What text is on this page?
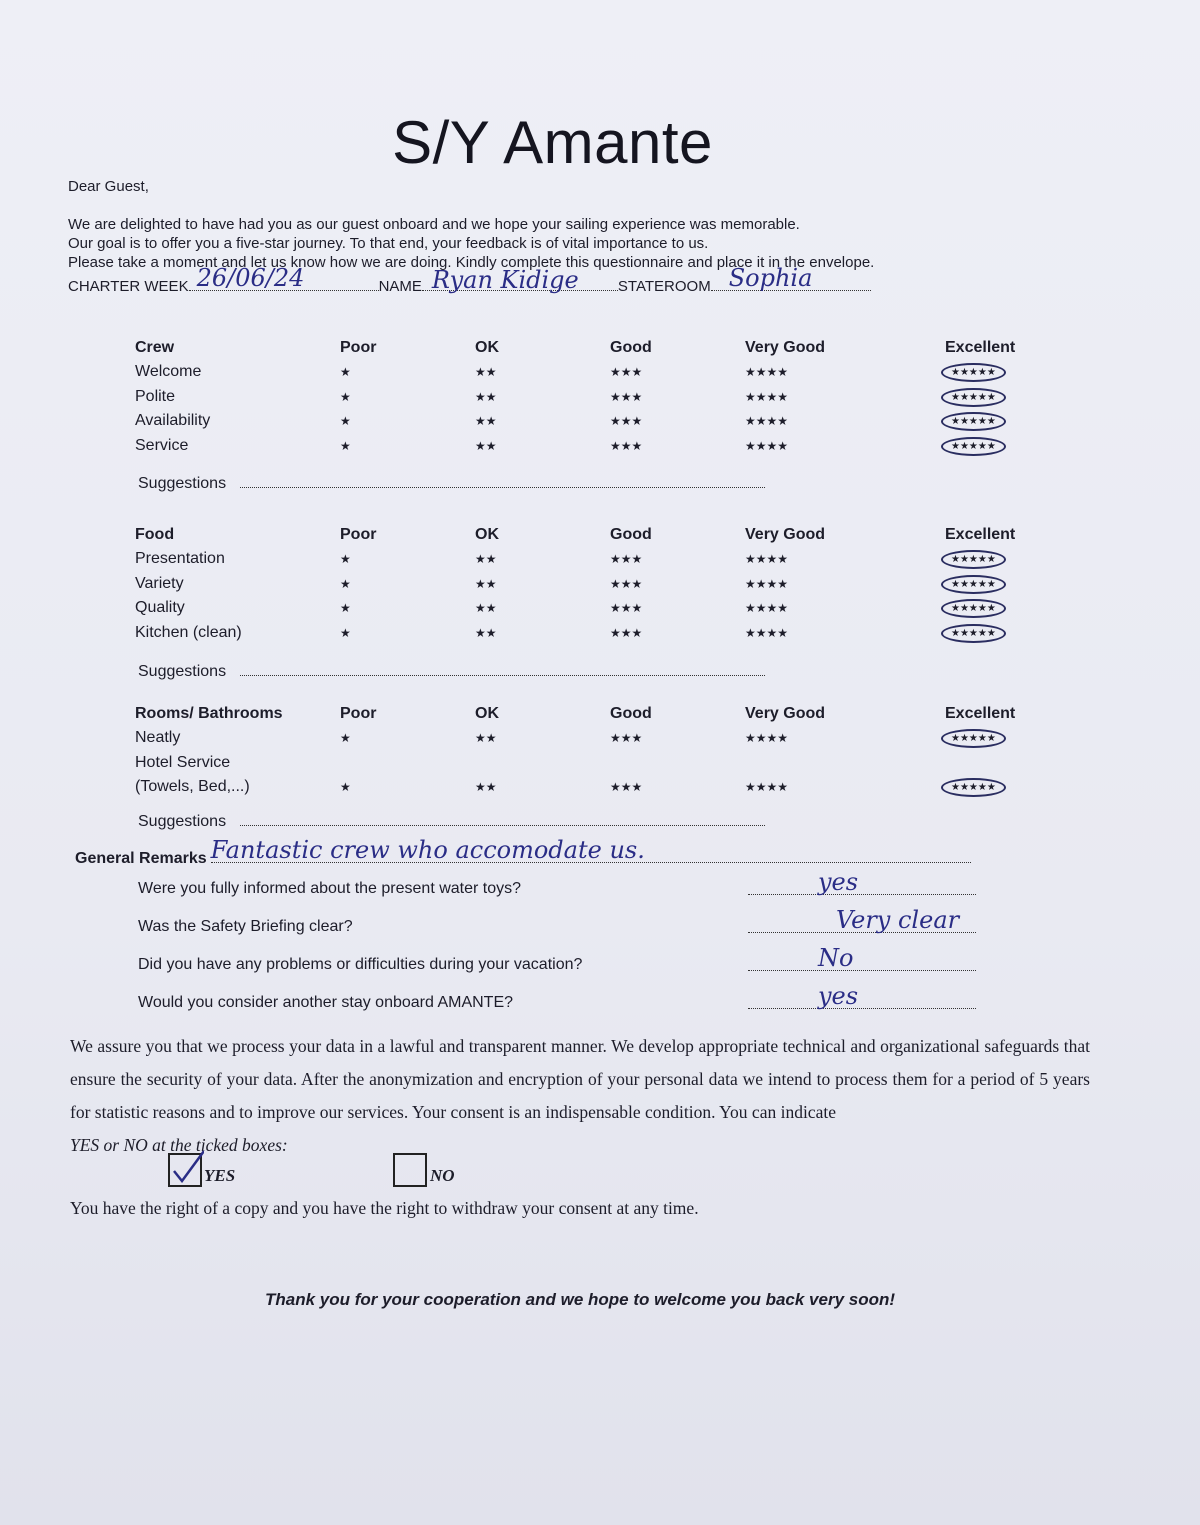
S/Y Amante
Dear Guest,
We are delighted to have had you as our guest onboard and we hope your sailing experience was memorable.
Our goal is to offer you a five-star journey. To that end, your feedback is of vital importance to us.
Please take a moment and let us know how we are doing. Kindly complete this questionnaire and place it in the envelope.
CHARTER WEEK 26/06/24	NAME Ryan Kidige	STATEROOM Sophia
Crew	Poor	OK	Good	Very Good	Excellent
Welcome	★	★★	★★★	★★★★	★★★★★
Polite	★	★★	★★★	★★★★	★★★★★
Availability	★	★★	★★★	★★★★	★★★★★
Service	★	★★	★★★	★★★★	★★★★★
Suggestions
Food	Poor	OK	Good	Very Good	Excellent
Presentation	★	★★	★★★	★★★★	★★★★★
Variety	★	★★	★★★	★★★★	★★★★★
Quality	★	★★	★★★	★★★★	★★★★★
Kitchen (clean)	★	★★	★★★	★★★★	★★★★★
Suggestions
Rooms/ Bathrooms	Poor	OK	Good	Very Good	Excellent
Neatly	★	★★	★★★	★★★★	★★★★★
Hotel Service					
(Towels, Bed,...)	★	★★	★★★	★★★★	★★★★★
Suggestions
General Remarks Fantastic crew who accomodate us.
Were you fully informed about the present water toys?	yes
Was the Safety Briefing clear?	Very clear
Did you have any problems or difficulties during your vacation?	No
Would you consider another stay onboard AMANTE?	yes
We assure you that we process your data in a lawful and transparent manner. We develop appropriate technical and organizational safeguards that ensure the security of your data. After the anonymization and encryption of your personal data we intend to process them for a period of 5 years for statistic reasons and to improve our services. Your consent is an indispensable condition. You can indicate
YES or NO at the ticked boxes:
YES	NO
You have the right of a copy and you have the right to withdraw your consent at any time.
Thank you for your cooperation and we hope to welcome you back very soon!
